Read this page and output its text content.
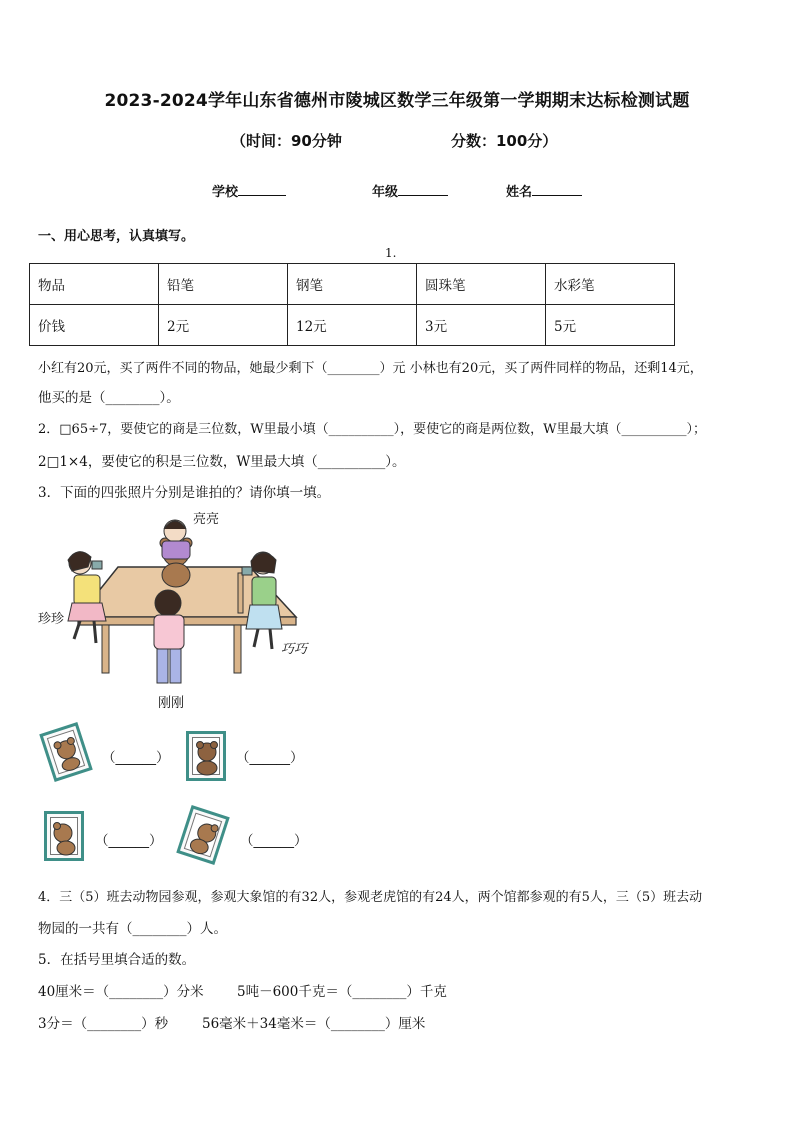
2023-2024学年山东省德州市陵城区数学三年级第一学期期末达标检测试题
（时间：90分钟	分数：100分）
学校	年级	姓名
一、用心思考，认真填写。
1.
物品	铅笔	钢笔	圆珠笔	水彩笔
价钱	2元	12元	3元	5元
小红有20元，买了两件不同的物品，她最少剩下（________）元 小林也有20元，买了两件同样的物品，还剩14元，
他买的是（________）。
2．□65÷7，要使它的商是三位数，W里最小填（__________），要使它的商是两位数，W里最大填（__________）；
2□1×4，要使它的积是三位数，W里最大填（__________）。
3．下面的四张照片分别是谁拍的？请你填一填。
亮亮
珍珍
巧巧
刚刚
（______）	（______）
（______）	（______）
4．三（5）班去动物园参观，参观大象馆的有32人，参观老虎馆的有24人，两个馆都参观的有5人，三（5）班去动
物园的一共有（________）人。
5．在括号里填合适的数。
40厘米＝（________）分米 5吨－600千克＝（________）千克
3分＝（________）秒	56毫米＋34毫米＝（________）厘米
